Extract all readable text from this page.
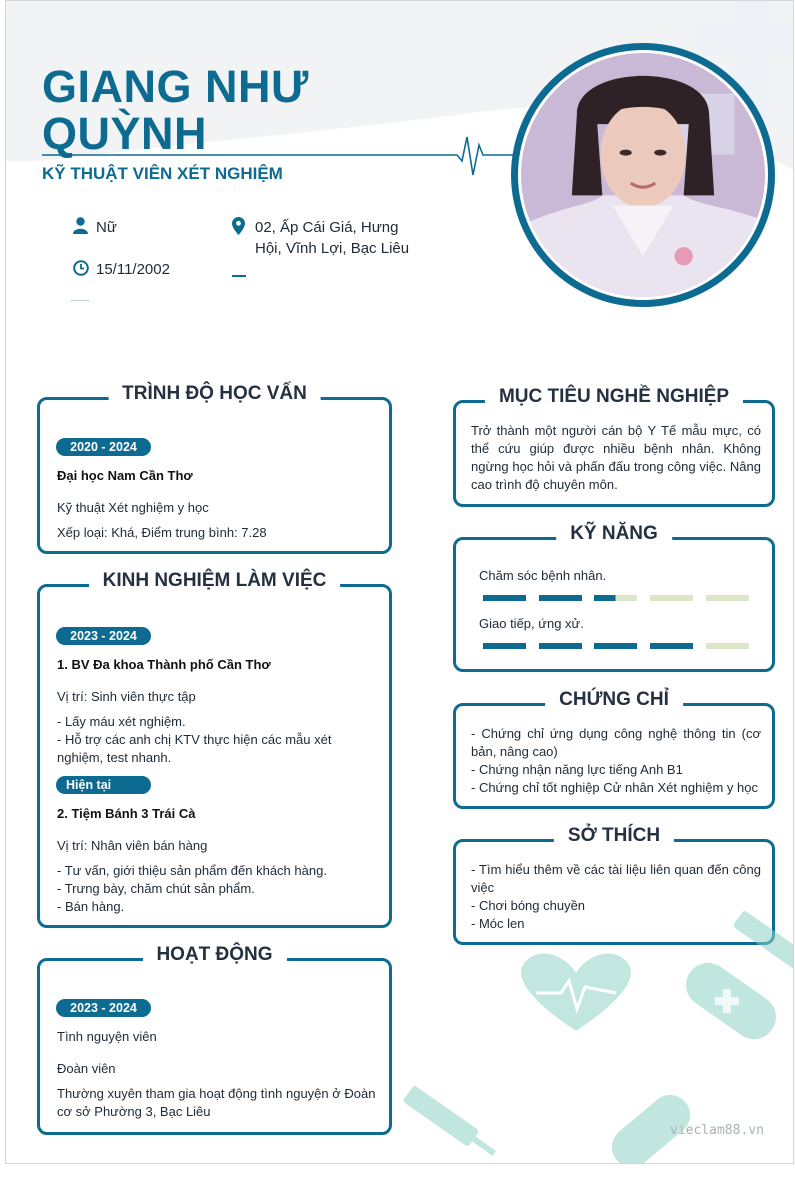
GIANG NHƯ
QUỲNH
KỸ THUẬT VIÊN XÉT NGHIỆM
Nữ
15/11/2002
02, Ấp Cái Giá, Hưng
Hội, Vĩnh Lợi, Bạc Liêu
TRÌNH ĐỘ HỌC VẤN
2020 - 2024
Đại học Nam Cần Thơ
Kỹ thuật Xét nghiệm y học
Xếp loại: Khá, Điểm trung bình: 7.28
KINH NGHIỆM LÀM VIỆC
2023 - 2024
1. BV Đa khoa Thành phố Cần Thơ
Vị trí: Sinh viên thực tập
- Lấy máu xét nghiệm.
- Hỗ trợ các anh chị KTV thực hiện các mẫu xét
nghiệm, test nhanh.
Hiện tại
2. Tiệm Bánh 3 Trái Cà
Vị trí: Nhân viên bán hàng
- Tư vấn, giới thiệu sản phẩm đến khách hàng.
- Trưng bày, chăm chút sản phẩm.
- Bán hàng.
HOẠT ĐỘNG
2023 - 2024
Tình nguyện viên
Đoàn viên
Thường xuyên tham gia hoạt động tình nguyện ở Đoàn
cơ sở Phường 3, Bạc Liêu
MỤC TIÊU NGHỀ NGHIỆP
Trở thành một người cán bộ Y Tế mẫu mực, có thể cứu giúp được nhiều bệnh nhân. Không ngừng học hỏi và phấn đấu trong công việc. Nâng cao trình độ chuyên môn.
KỸ NĂNG
Chăm sóc bệnh nhân.
Giao tiếp, ứng xử.
CHỨNG CHỈ
- Chứng chỉ ứng dụng công nghệ thông tin (cơ bản, nâng cao)
- Chứng nhận năng lực tiếng Anh B1
- Chứng chỉ tốt nghiệp Cử nhân Xét nghiệm y học
SỞ THÍCH
- Tìm hiểu thêm về các tài liệu liên quan đến công việc
- Chơi bóng chuyền
- Móc len
vieclam88.vn
